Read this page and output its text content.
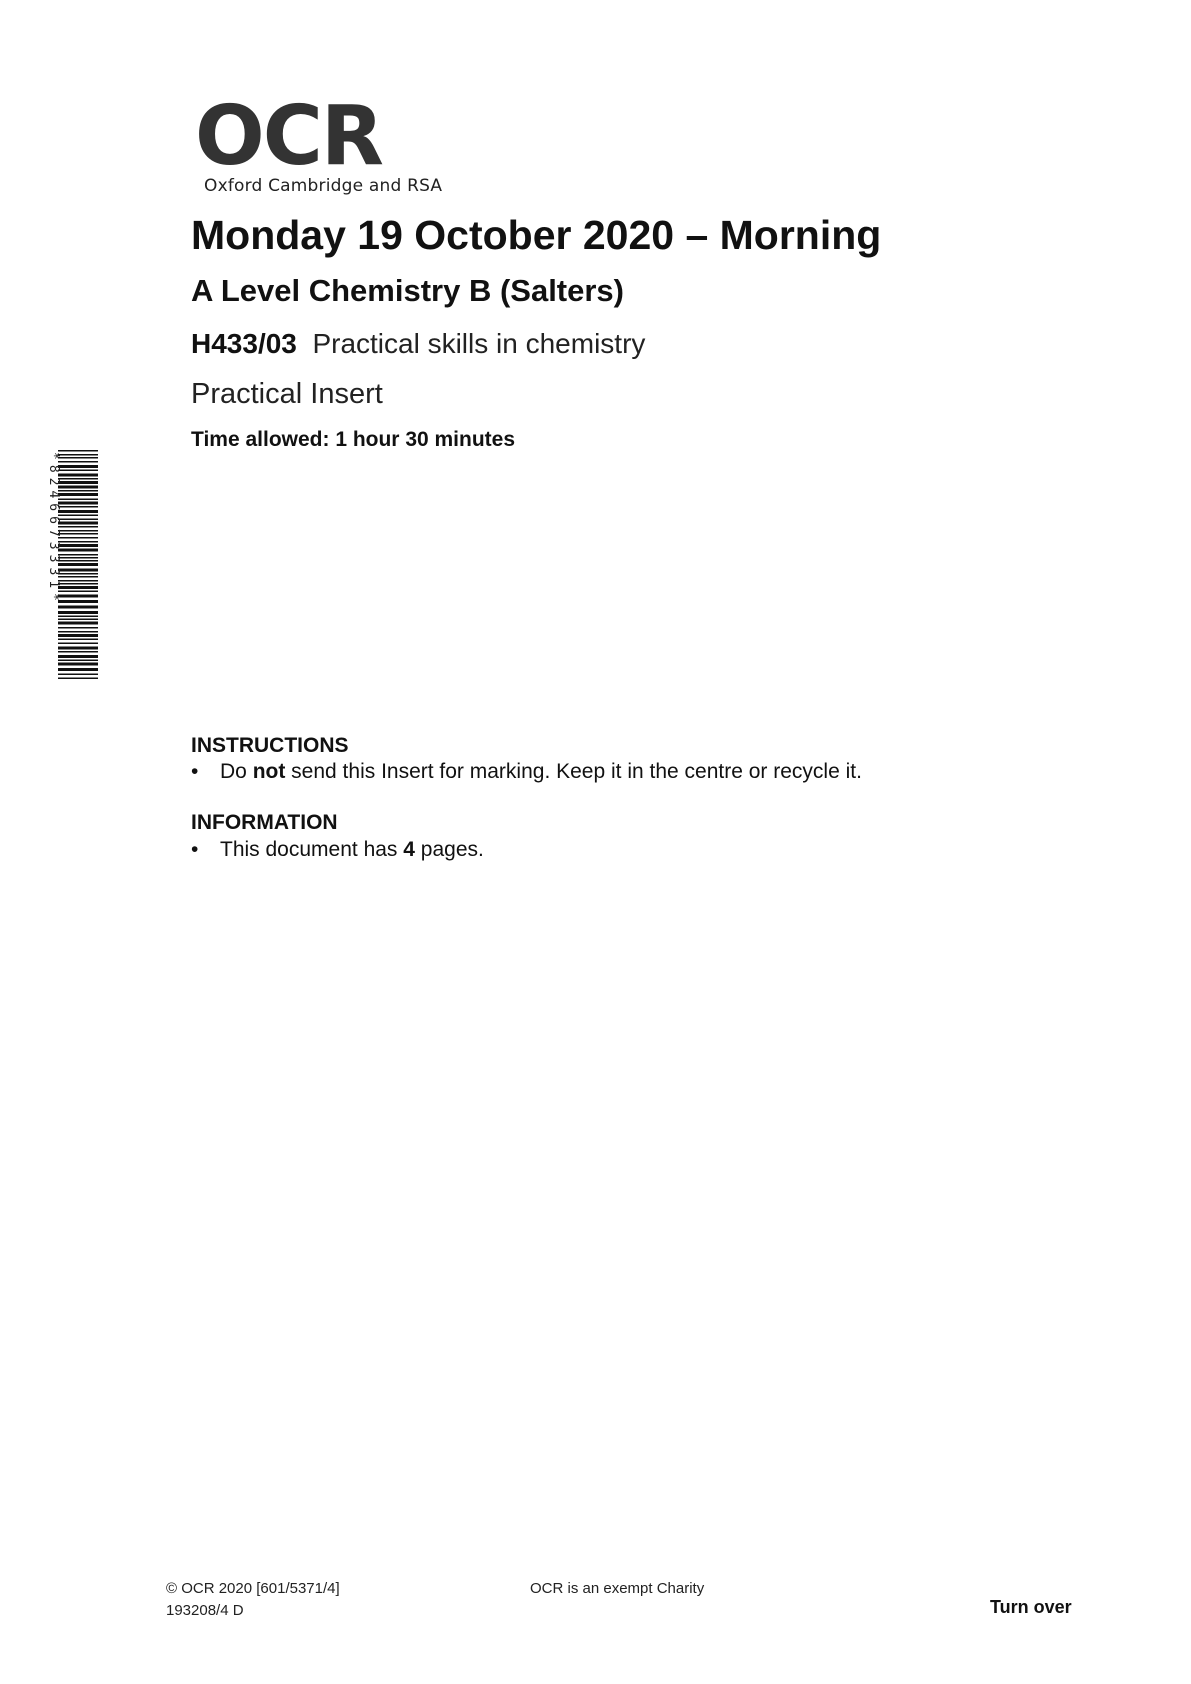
OCR
Oxford Cambridge and RSA
Monday 19 October 2020 – Morning
A Level Chemistry B (Salters)
H433/03 Practical skills in chemistry
Practical Insert
Time allowed: 1 hour 30 minutes
*8246673331*
INSTRUCTIONS
•	Do not send this Insert for marking. Keep it in the centre or recycle it.
INFORMATION
•	This document has 4 pages.
© OCR 2020 [601/5371/4]
193208/4 D
OCR is an exempt Charity
Turn over
